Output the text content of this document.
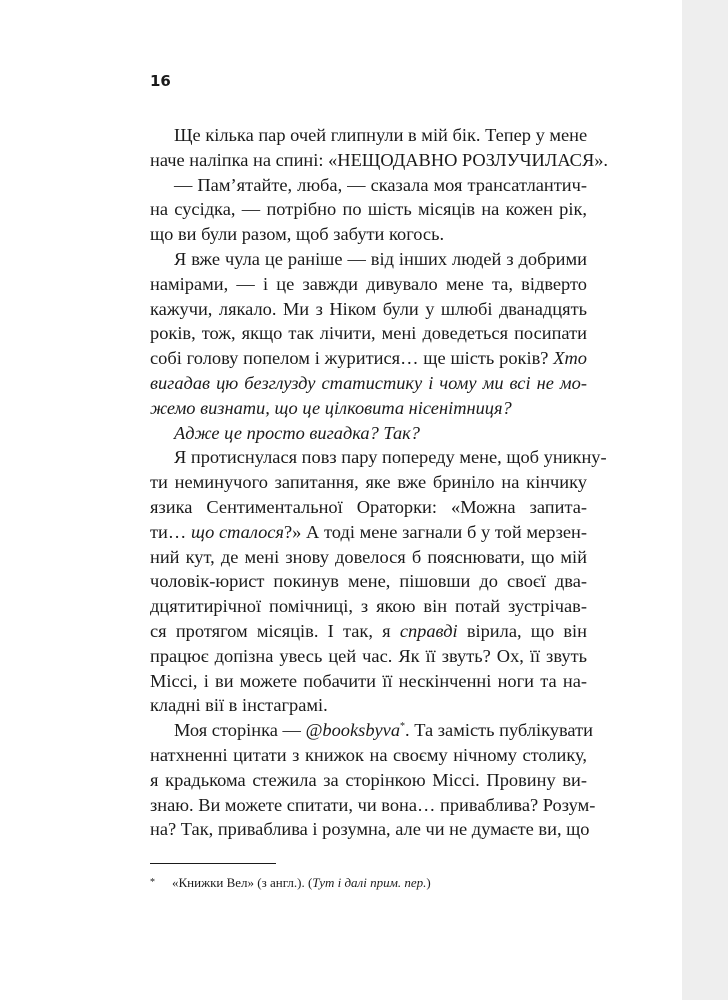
16
Ще кілька пар очей глипнули в мій бік. Тепер у мене
наче наліпка на спині: «НЕЩОДАВНО РОЗЛУЧИЛАСЯ».
— Пам’ятайте, люба, — сказала моя трансатлантич-
на сусідка, — потрібно по шість місяців на кожен рік,
що ви були разом, щоб забути когось.
Я вже чула це раніше — від інших людей з добрими
намірами, — і це завжди дивувало мене та, відверто
кажучи, лякало. Ми з Ніком були у шлюбі дванадцять
років, тож, якщо так лічити, мені доведеться посипати
собі голову попелом і журитися… ще шість років? Хто
вигадав цю безглузду статистику і чому ми всі не мо-
жемо визнати, що це цілковита нісенітниця?
Адже це просто вигадка? Так?
Я протиснулася повз пару попереду мене, щоб уникну-
ти неминучого запитання, яке вже бриніло на кінчику
язика Сентиментальної Ораторки: «Можна запита-
ти… що сталося?» А тоді мене загнали б у той мерзен-
ний кут, де мені знову довелося б пояснювати, що мій
чоловік-юрист покинув мене, пішовши до своєї два-
дцятитирічної помічниці, з якою він потай зустрічав-
ся протягом місяців. І так, я справді вірила, що він
працює допізна увесь цей час. Як її звуть? Ох, її звуть
Міссі, і ви можете побачити її нескінченні ноги та на-
кладні вії в інстаграмі.
Моя сторінка — @booksbyva*. Та замість публікувати
натхненні цитати з книжок на своєму нічному столику,
я крадькома стежила за сторінкою Міссі. Провину ви-
знаю. Ви можете спитати, чи вона… приваблива? Розум-
на? Так, приваблива і розумна, але чи не думаєте ви, що
* «Книжки Вел» (з англ.). (Тут і далі прим. пер.)
